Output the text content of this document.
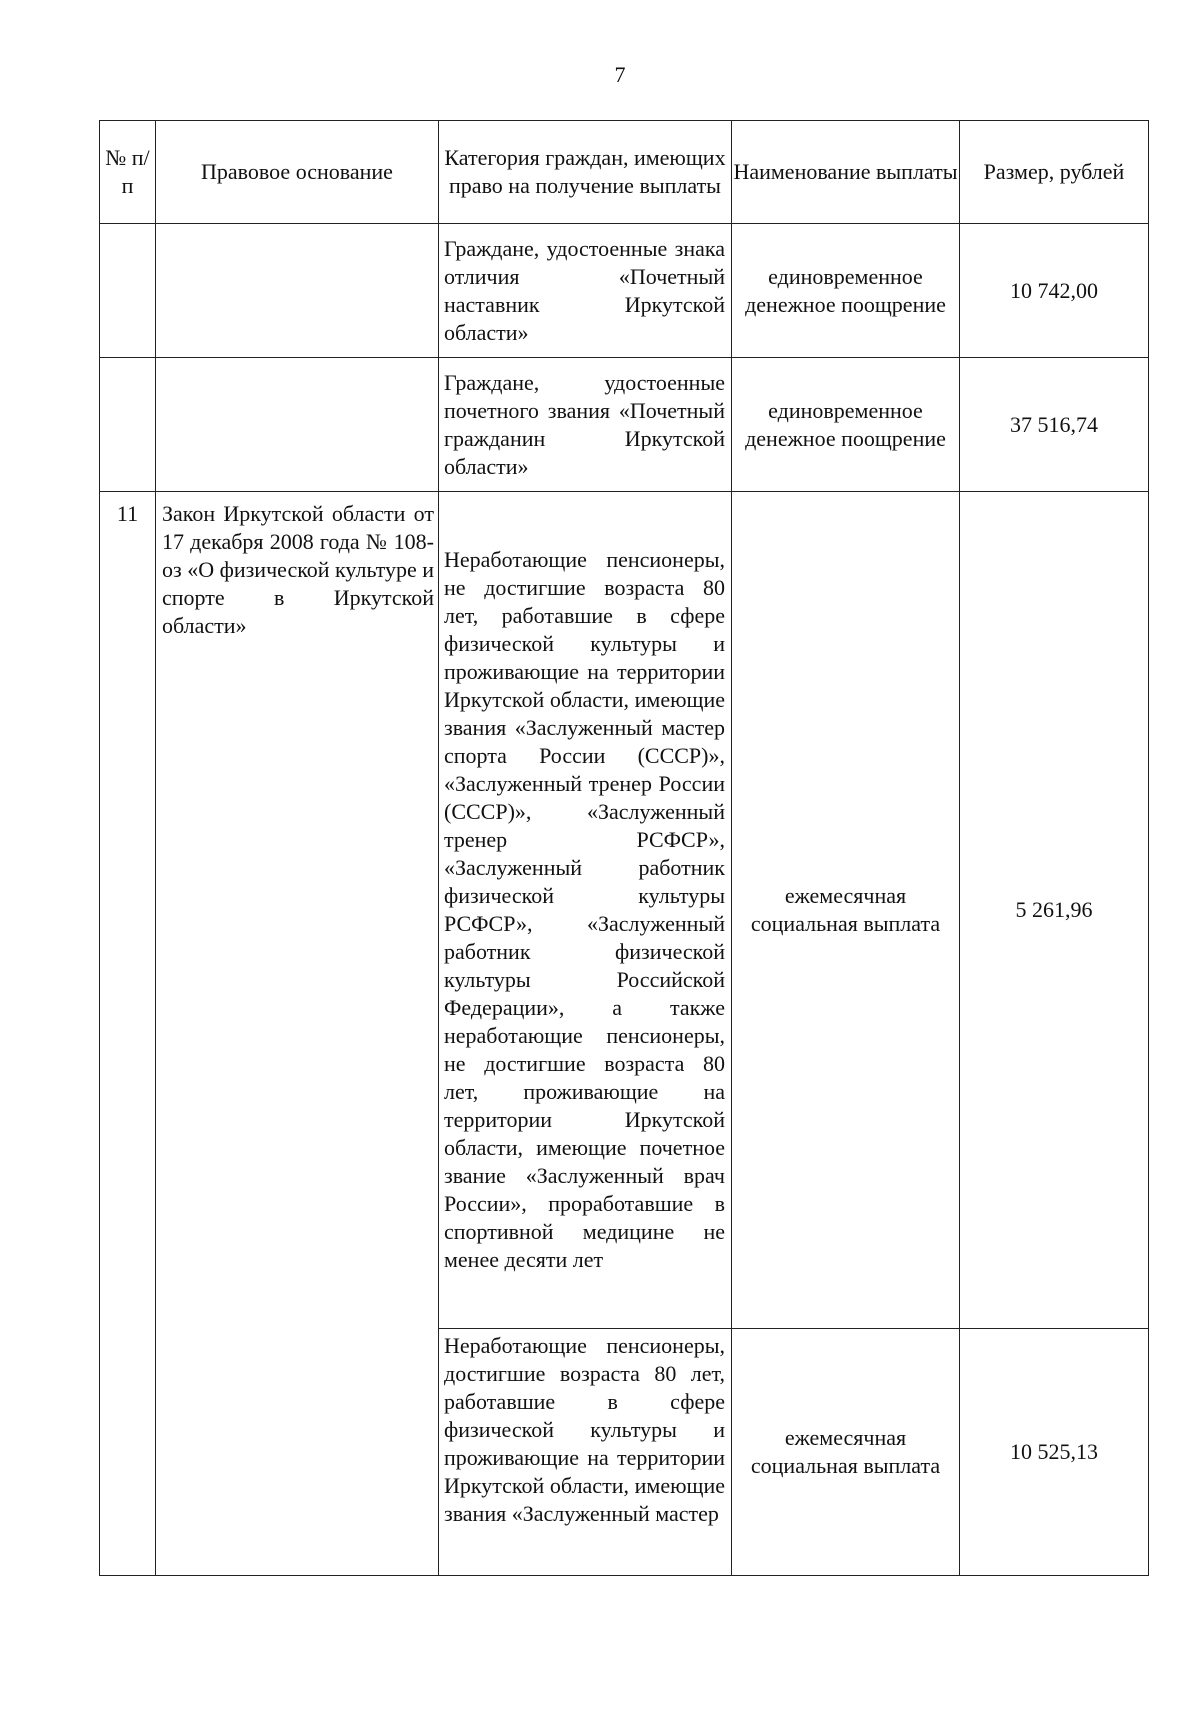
7
№ п/п	Правовое основание	Категория граждан, имеющих право на получение выплаты	Наименование выплаты	Размер, рублей
		Граждане, удостоенные знака отличия «Почетный наставник Иркутской области»	единовременное денежное поощрение	10 742,00
		Граждане, удостоенные почетного звания «Почетный гражданин Иркутской области»	единовременное денежное поощрение	37 516,74
11	Закон Иркутской области от 17 декабря 2008 года № 108-оз «О физической культуре и спорте в Иркутской области»	Неработающие пенсионеры, не достигшие возраста 80 лет, работавшие в сфере физической культуры и проживающие на территории Иркутской области, имеющие звания «Заслуженный мастер спорта России (СССР)», «Заслуженный тренер России (СССР)», «Заслуженный тренер РСФСР», «Заслуженный работник физической культуры РСФСР», «Заслуженный работник физической культуры Российской Федерации», а также неработающие пенсионеры, не достигшие возраста 80 лет, проживающие на территории Иркутской области, имеющие почетное звание «Заслуженный врач России», проработавшие в спортивной медицине не менее десяти лет	ежемесячная социальная выплата	5 261,96
		Неработающие пенсионеры, достигшие возраста 80 лет, работавшие в сфере физической культуры и проживающие на территории Иркутской области, имеющие звания «Заслуженный мастер	ежемесячная социальная выплата	10 525,13
